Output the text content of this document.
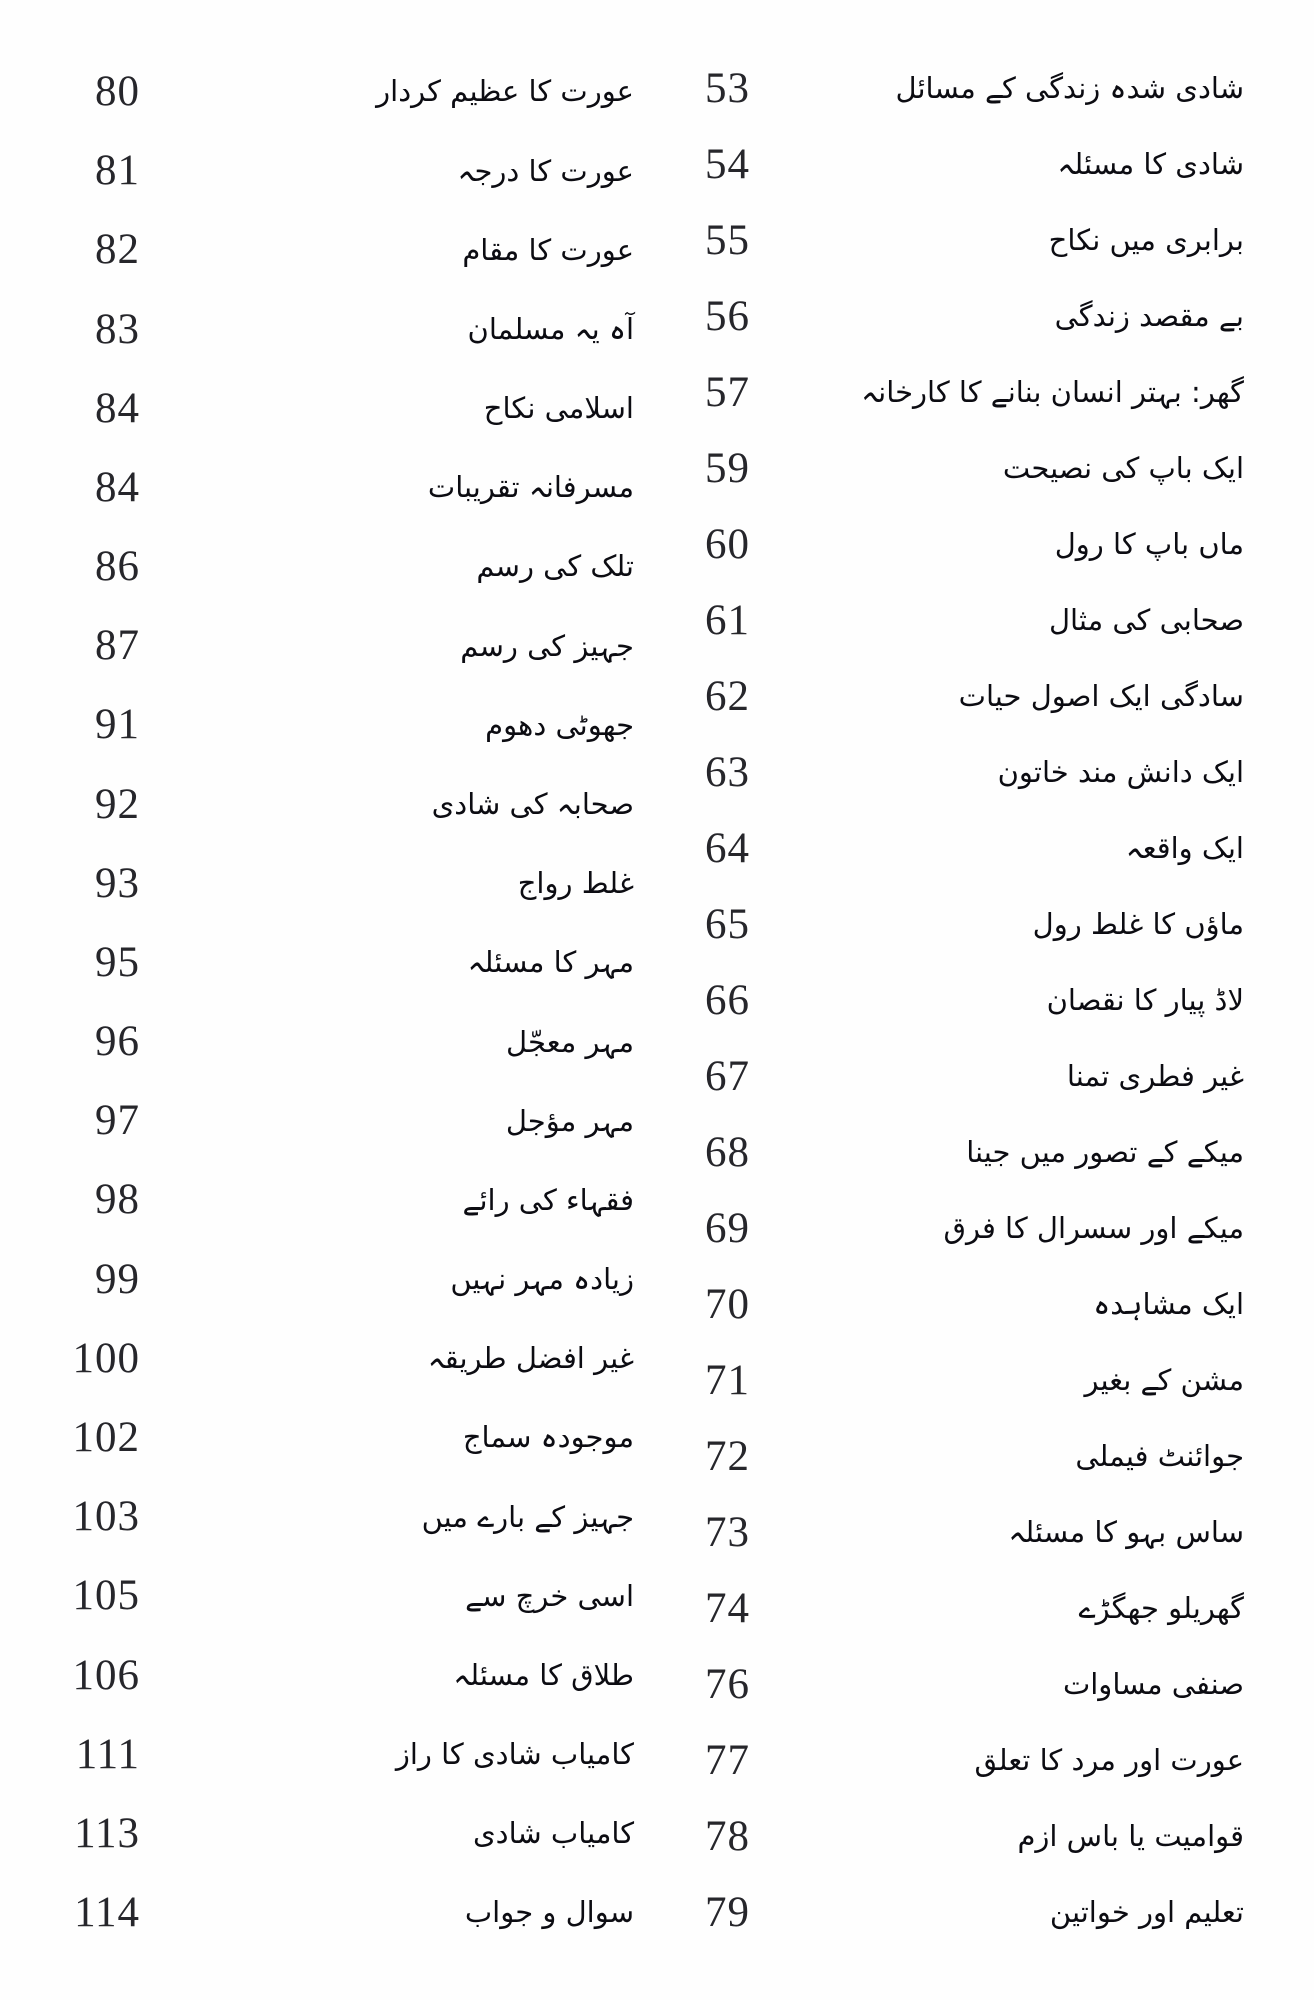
80	عورت کا عظیم کردار
81	عورت کا درجہ
82	عورت کا مقام
83	آہ یہ مسلمان
84	اسلامی نکاح
84	مسرفانہ تقریبات
86	تلک کی رسم
87	جہیز کی رسم
91	جھوٹی دھوم
92	صحابہ کی شادی
93	غلط رواج
95	مہر کا مسئلہ
96	مہر معجّل
97	مہر مؤجل
98	فقہاء کی رائے
99	زیادہ مہر نہیں
100	غیر افضل طریقہ
102	موجودہ سماج
103	جہیز کے بارے میں
105	اسی خرچ سے
106	طلاق کا مسئلہ
111	کامیاب شادی کا راز
113	کامیاب شادی
114	سوال و جواب
53	شادی شدہ زندگی کے مسائل
54	شادی کا مسئلہ
55	برابری میں نکاح
56	بے مقصد زندگی
57	گھر: بہتر انسان بنانے کا کارخانہ
59	ایک باپ کی نصیحت
60	ماں باپ کا رول
61	صحابی کی مثال
62	سادگی ایک اصول حیات
63	ایک دانش مند خاتون
64	ایک واقعہ
65	ماؤں کا غلط رول
66	لاڈ پیار کا نقصان
67	غیر فطری تمنا
68	میکے کے تصور میں جینا
69	میکے اور سسرال کا فرق
70	ایک مشاہدہ
71	مشن کے بغیر
72	جوائنٹ فیملی
73	ساس بہو کا مسئلہ
74	گھریلو جھگڑے
76	صنفی مساوات
77	عورت اور مرد کا تعلق
78	قوامیت یا باس ازم
79	تعلیم اور خواتین
